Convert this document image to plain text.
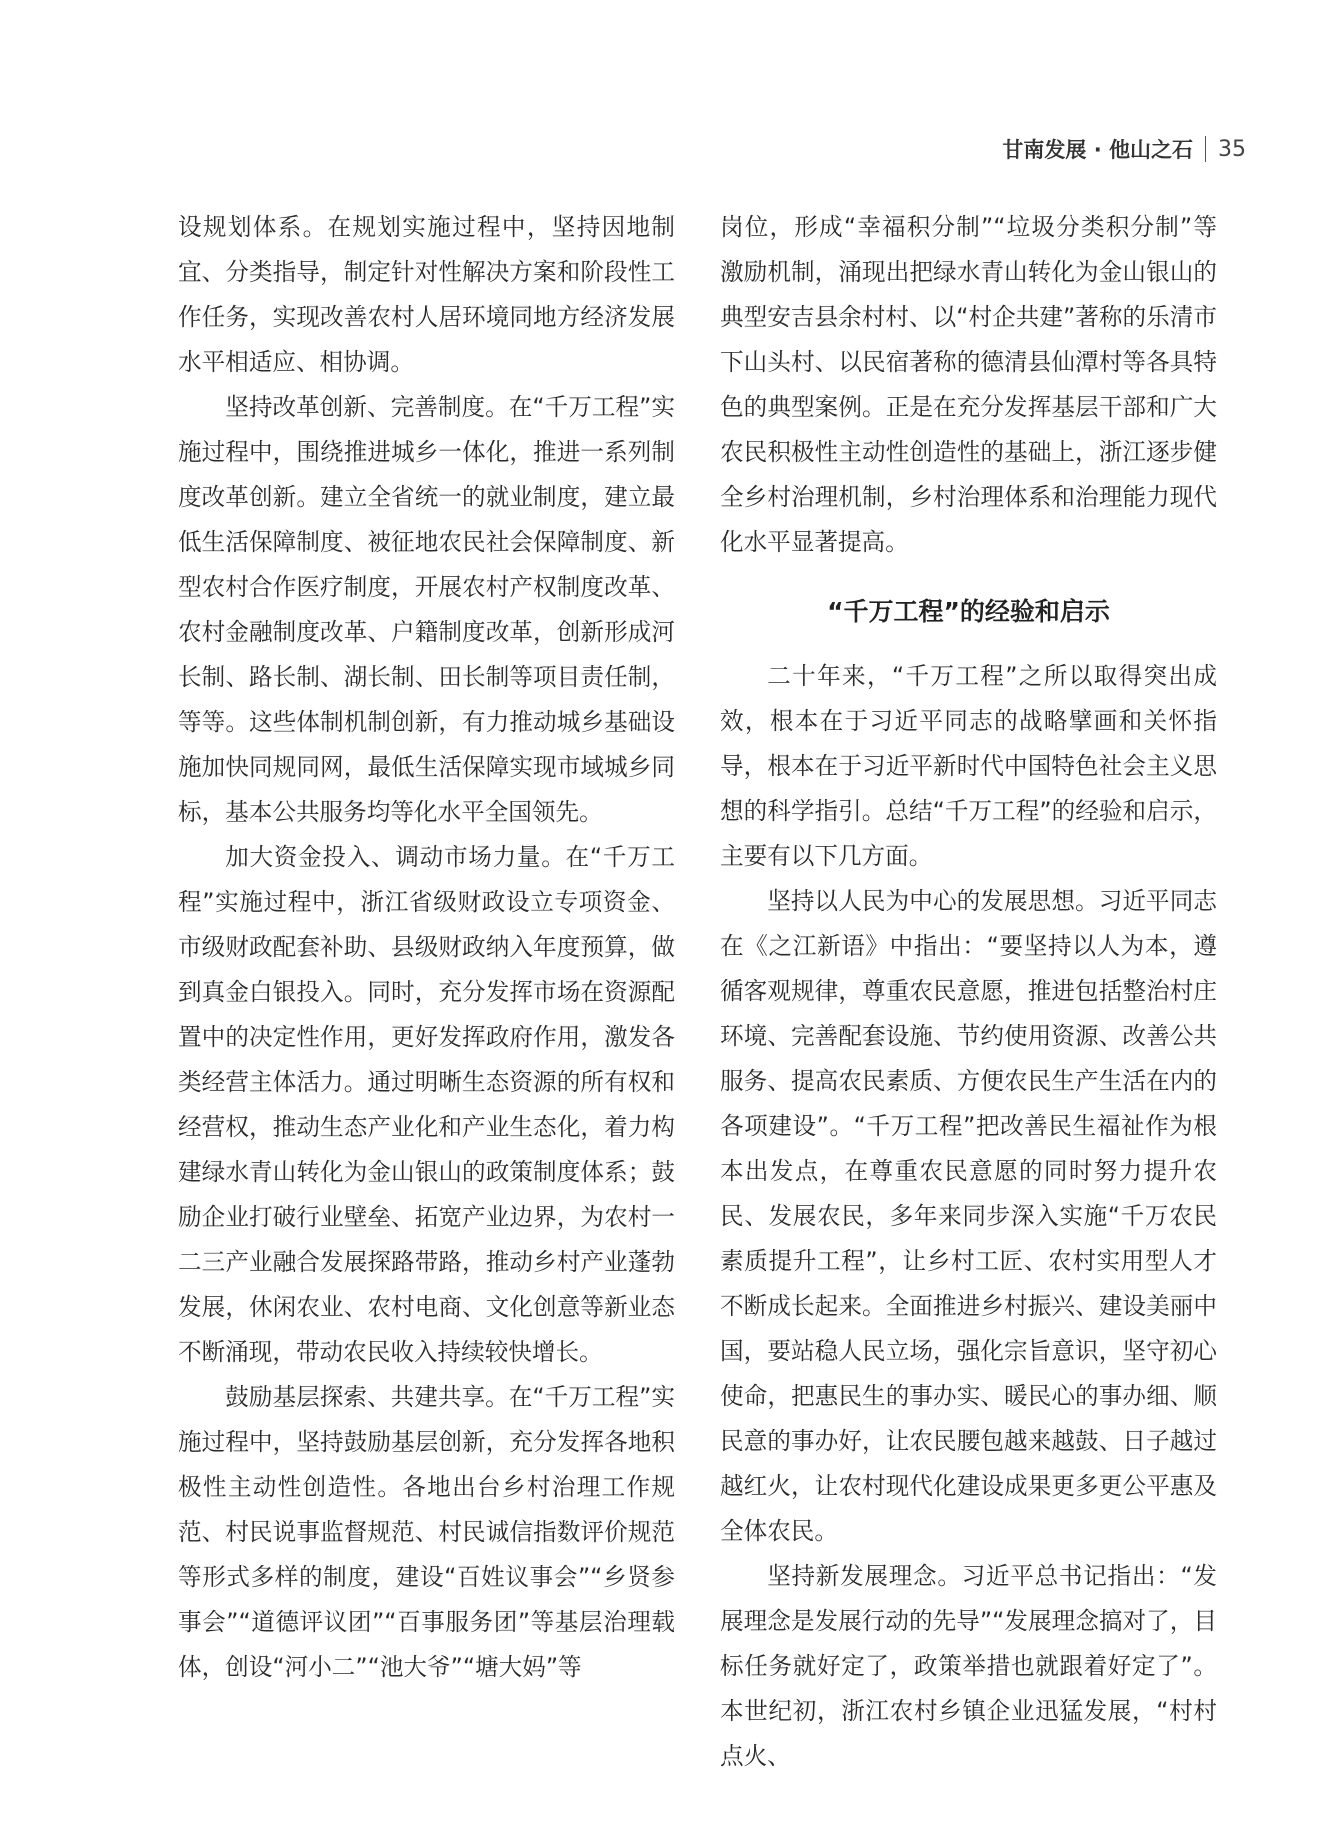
甘南发展 · 他山之石 35

设规划体系。在规划实施过程中，坚持因地制宜、分类指导，制定针对性解决方案和阶段性工作任务，实现改善农村人居环境同地方经济发展水平相适应、相协调。

坚持改革创新、完善制度。在“千万工程”实施过程中，围绕推进城乡一体化，推进一系列制度改革创新。建立全省统一的就业制度，建立最低生活保障制度、被征地农民社会保障制度、新型农村合作医疗制度，开展农村产权制度改革、农村金融制度改革、户籍制度改革，创新形成河长制、路长制、湖长制、田长制等项目责任制，等等。这些体制机制创新，有力推动城乡基础设施加快同规同网，最低生活保障实现市域城乡同标，基本公共服务均等化水平全国领先。

加大资金投入、调动市场力量。在“千万工程”实施过程中，浙江省级财政设立专项资金、市级财政配套补助、县级财政纳入年度预算，做到真金白银投入。同时，充分发挥市场在资源配置中的决定性作用，更好发挥政府作用，激发各类经营主体活力。通过明晰生态资源的所有权和经营权，推动生态产业化和产业生态化，着力构建绿水青山转化为金山银山的政策制度体系；鼓励企业打破行业壁垒、拓宽产业边界，为农村一二三产业融合发展探路带路，推动乡村产业蓬勃发展，休闲农业、农村电商、文化创意等新业态不断涌现，带动农民收入持续较快增长。

鼓励基层探索、共建共享。在“千万工程”实施过程中，坚持鼓励基层创新，充分发挥各地积极性主动性创造性。各地出台乡村治理工作规范、村民说事监督规范、村民诚信指数评价规范等形式多样的制度，建设“百姓议事会”“乡贤参事会”“道德评议团”“百事服务团”等基层治理载体，创设“河小二”“池大爷”“塘大妈”等

岗位，形成“幸福积分制”“垃圾分类积分制”等激励机制，涌现出把绿水青山转化为金山银山的典型安吉县余村村、以“村企共建”著称的乐清市下山头村、以民宿著称的德清县仙潭村等各具特色的典型案例。正是在充分发挥基层干部和广大农民积极性主动性创造性的基础上，浙江逐步健全乡村治理机制，乡村治理体系和治理能力现代化水平显著提高。

“千万工程”的经验和启示

二十年来，“千万工程”之所以取得突出成效，根本在于习近平同志的战略擘画和关怀指导，根本在于习近平新时代中国特色社会主义思想的科学指引。总结“千万工程”的经验和启示，主要有以下几方面。

坚持以人民为中心的发展思想。习近平同志在《之江新语》中指出：“要坚持以人为本，遵循客观规律，尊重农民意愿，推进包括整治村庄环境、完善配套设施、节约使用资源、改善公共服务、提高农民素质、方便农民生产生活在内的各项建设”。“千万工程”把改善民生福祉作为根本出发点，在尊重农民意愿的同时努力提升农民、发展农民，多年来同步深入实施“千万农民素质提升工程”，让乡村工匠、农村实用型人才不断成长起来。全面推进乡村振兴、建设美丽中国，要站稳人民立场，强化宗旨意识，坚守初心使命，把惠民生的事办实、暖民心的事办细、顺民意的事办好，让农民腰包越来越鼓、日子越过越红火，让农村现代化建设成果更多更公平惠及全体农民。

坚持新发展理念。习近平总书记指出：“发展理念是发展行动的先导”“发展理念搞对了，目标任务就好定了，政策举措也就跟着好定了”。本世纪初，浙江农村乡镇企业迅猛发展，“村村点火、
